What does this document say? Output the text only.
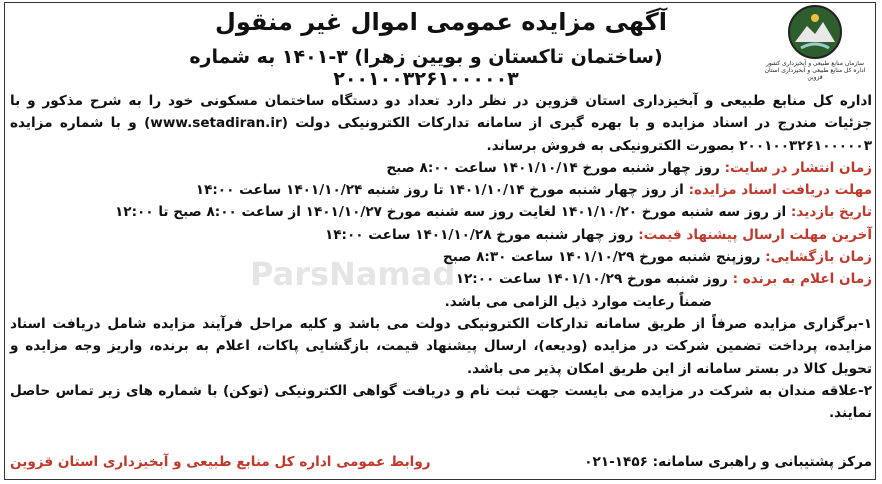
سازمان منابع طبیعی و آبخیزداری کشور
اداره کل منابع طبیعی و آبخیزداری استان قزوین
آگهی مزایده عمومی اموال غیر منقول
(ساختمان تاکستان و بویین زهرا) ۳-۱۴۰۱ به شماره ۲۰۰۱۰۰۳۲۶۱۰۰۰۰۰۳
ParsNamad

اداره کل منابع طبیعی و آبخیزداری استان قزوین در نظر دارد تعداد دو دستگاه ساختمان مسکونی خود را به شرح مذکور و با جزئیات مندرج در اسناد مزایده و با بهره گیری از سامانه تدارکات الکترونیکی دولت (www.setadiran.ir) و با شماره مزایده ۲۰۰۱۰۰۳۲۶۱۰۰۰۰۰۳ بصورت الکترونیکی به فروش برساند.

زمان انتشار در سایت: روز چهار شنبه مورخ ۱۴۰۱/۱۰/۱۴ ساعت ۸:۰۰ صبح

مهلت دریافت اسناد مزایده: از روز چهار شنبه مورخ ۱۴۰۱/۱۰/۱۴ تا روز شنبه ۱۴۰۱/۱۰/۲۴ ساعت ۱۴:۰۰

تاریخ بازدید: از روز سه شنبه مورخ ۱۴۰۱/۱۰/۲۰ لغایت روز سه شنبه مورخ ۱۴۰۱/۱۰/۲۷ از ساعت ۸:۰۰ صبح تا ۱۲:۰۰

آخرین مهلت ارسال پیشنهاد قیمت: روز چهار شنبه مورخ ۱۴۰۱/۱۰/۲۸ ساعت ۱۴:۰۰

زمان بازگشایی: روزپنج شنبه مورخ ۱۴۰۱/۱۰/۲۹ ساعت ۸:۳۰ صبح

زمان اعلام به برنده : روز شنبه مورخ ۱۴۰۱/۱۰/۲۹ ساعت ۱۲:۰۰

ضمناً رعایت موارد ذیل الزامی می باشد.

۱-برگزاری مزایده صرفاً از طریق سامانه تدارکات الکترونیکی دولت می باشد و کلیه مراحل فرآیند مزایده شامل دریافت اسناد مزایده، پرداخت تضمین شرکت در مزایده (ودیعه)، ارسال پیشنهاد قیمت، بازگشایی پاکات، اعلام به برنده، واریز وجه مزایده و تحویل کالا در بستر سامانه از این طریق امکان پذیر می باشد.

۲-علاقه مندان به شرکت در مزایده می بایست جهت ثبت نام و دریافت گواهی الکترونیکی (توکن) با شماره های زیر تماس حاصل نمایند.

مرکز پشتیبانی و راهبری سامانه: ۱۴۵۶-۰۲۱
روابط عمومی اداره کل منابع طبیعی و آبخیزداری استان قزوین
